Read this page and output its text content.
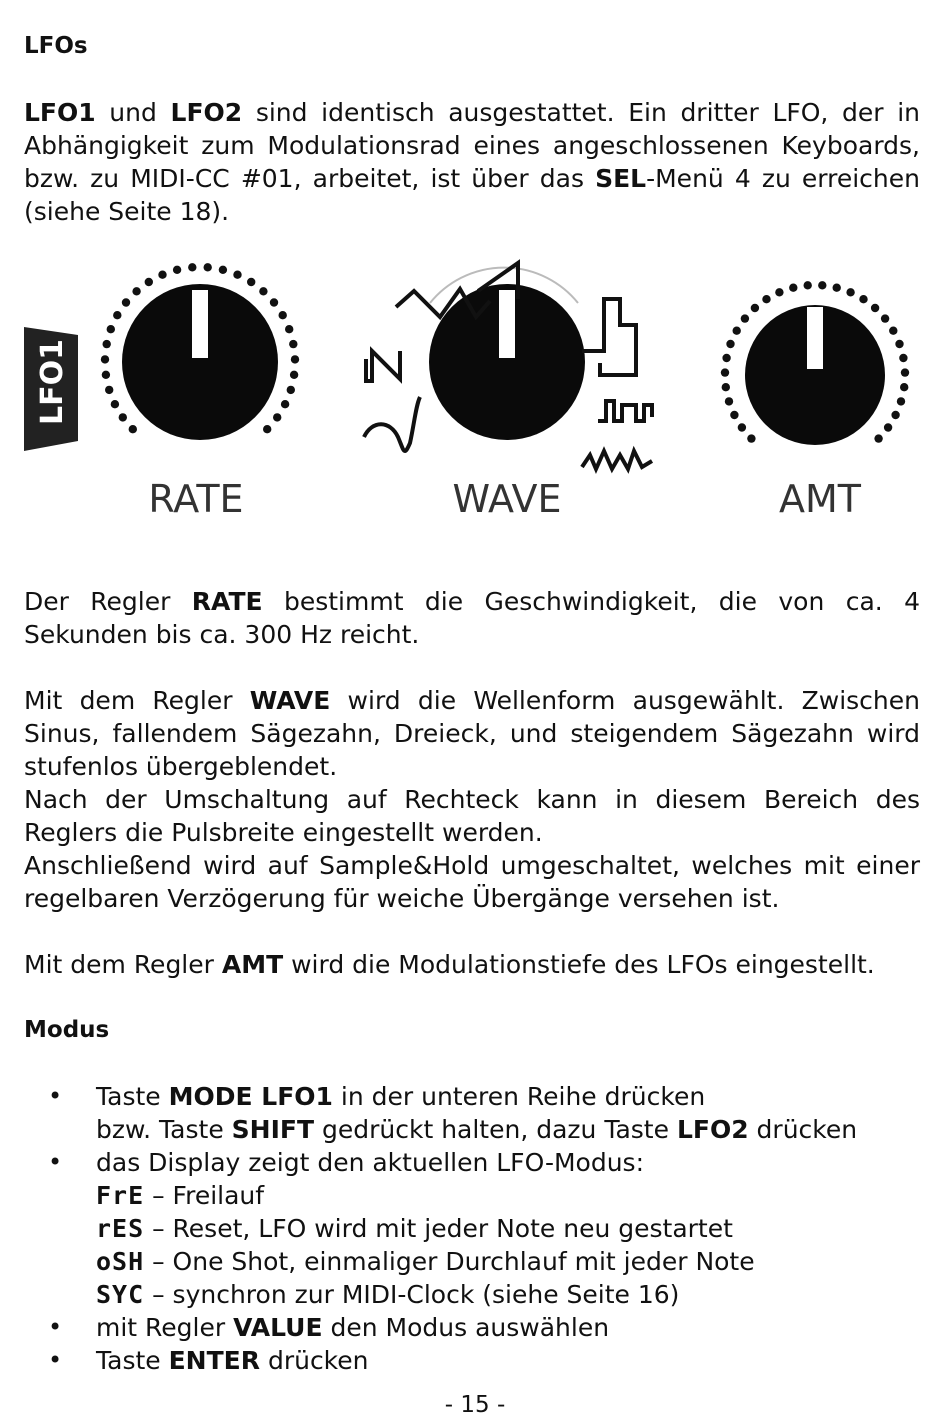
LFOs

LFO1 und LFO2 sind identisch ausgestattet. Ein dritter LFO, der in Abhängigkeit zum Modulationsrad eines angeschlossenen Keyboards, bzw. zu MIDI-CC #01, arbeitet, ist über das SEL-Menü 4 zu erreichen (siehe Seite 18).

LFO1
RATE	WAVE	AMT

Der Regler RATE bestimmt die Geschwindigkeit, die von ca. 4 Sekunden bis ca. 300 Hz reicht.

Mit dem Regler WAVE wird die Wellenform ausgewählt. Zwischen Sinus, fallendem Sägezahn, Dreieck, und steigendem Sägezahn wird stufenlos übergeblendet.

Nach der Umschaltung auf Rechteck kann in diesem Bereich des Reglers die Pulsbreite eingestellt werden.

Anschließend wird auf Sample&Hold umgeschaltet, welches mit einer regelbaren Verzögerung für weiche Übergänge versehen ist.

Mit dem Regler AMT wird die Modulationstiefe des LFOs eingestellt.

Modus
• Taste MODE LFO1 in der unteren Reihe drücken
bzw. Taste SHIFT gedrückt halten, dazu Taste LFO2 drücken
• das Display zeigt den aktuellen LFO-Modus:
FrE – Freilauf
rES – Reset, LFO wird mit jeder Note neu gestartet
oSH – One Shot, einmaliger Durchlauf mit jeder Note
SYC – synchron zur MIDI-Clock (siehe Seite 16)
• mit Regler VALUE den Modus auswählen
• Taste ENTER drücken
- 15 -
